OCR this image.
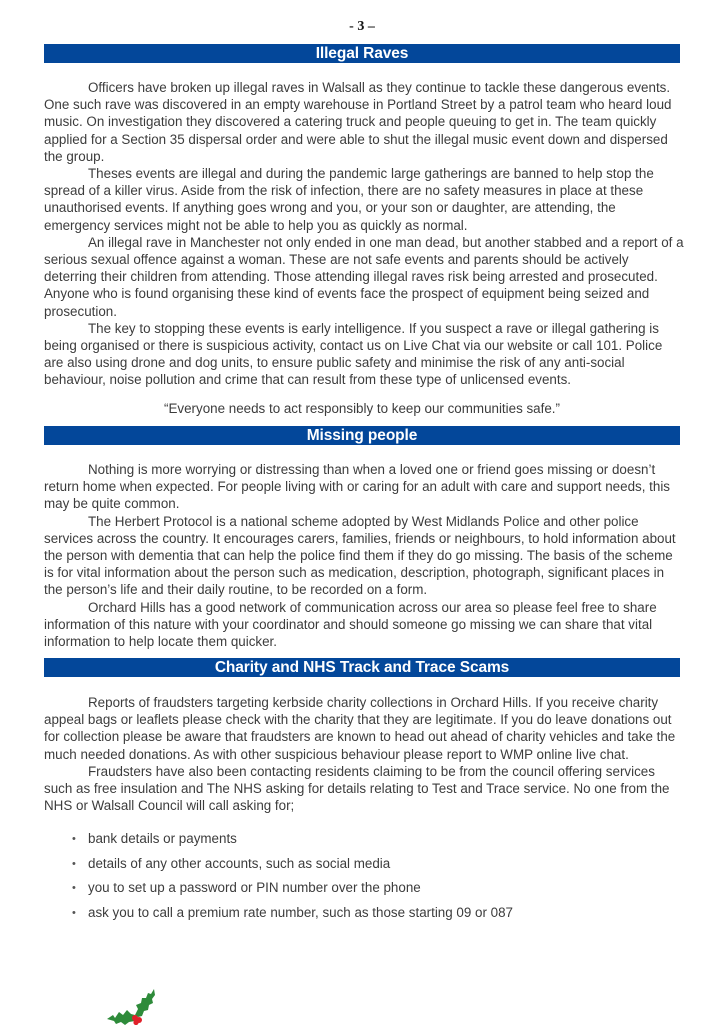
- 3 –
Illegal Raves

Officers have broken up illegal raves in Walsall as they continue to tackle these dangerous events. One such rave was discovered in an empty warehouse in Portland Street by a patrol team who heard loud music. On investigation they discovered a catering truck and people queuing to get in. The team quickly applied for a Section 35 dispersal order and were able to shut the illegal music event down and dispersed the group.

Theses events are illegal and during the pandemic large gatherings are banned to help stop the spread of a killer virus. Aside from the risk of infection, there are no safety measures in place at these unauthorised events. If anything goes wrong and you, or your son or daughter, are attending, the emergency services might not be able to help you as quickly as normal.

An illegal rave in Manchester not only ended in one man dead, but another stabbed and a report of a serious sexual offence against a woman. These are not safe events and parents should be actively deterring their children from attending. Those attending illegal raves risk being arrested and prosecuted. Anyone who is found organising these kind of events face the prospect of equipment being seized and prosecution.

The key to stopping these events is early intelligence. If you suspect a rave or illegal gathering is being organised or there is suspicious activity, contact us on Live Chat via our website or call 101. Police are also using drone and dog units, to ensure public safety and minimise the risk of any anti-social behaviour, noise pollution and crime that can result from these type of unlicensed events.

“Everyone needs to act responsibly to keep our communities safe.”
Missing people

Nothing is more worrying or distressing than when a loved one or friend goes missing or doesn’t return home when expected. For people living with or caring for an adult with care and support needs, this may be quite common.

The Herbert Protocol is a national scheme adopted by West Midlands Police and other police services across the country. It encourages carers, families, friends or neighbours, to hold information about the person with dementia that can help the police find them if they do go missing. The basis of the scheme is for vital information about the person such as medication, description, photograph, significant places in the person’s life and their daily routine, to be recorded on a form.

Orchard Hills has a good network of communication across our area so please feel free to share information of this nature with your coordinator and should someone go missing we can share that vital information to help locate them quicker.

Charity and NHS Track and Trace Scams

Reports of fraudsters targeting kerbside charity collections in Orchard Hills. If you receive charity appeal bags or leaflets please check with the charity that they are legitimate. If you do leave donations out for collection please be aware that fraudsters are known to head out ahead of charity vehicles and take the much needed donations. As with other suspicious behaviour please report to WMP online live chat.

Fraudsters have also been contacting residents claiming to be from the council offering services such as free insulation and The NHS asking for details relating to Test and Trace service. No one from the NHS or Walsall Council will call asking for;

• bank details or payments
• details of any other accounts, such as social media
• you to set up a password or PIN number over the phone
• ask you to call a premium rate number, such as those starting 09 or 087
